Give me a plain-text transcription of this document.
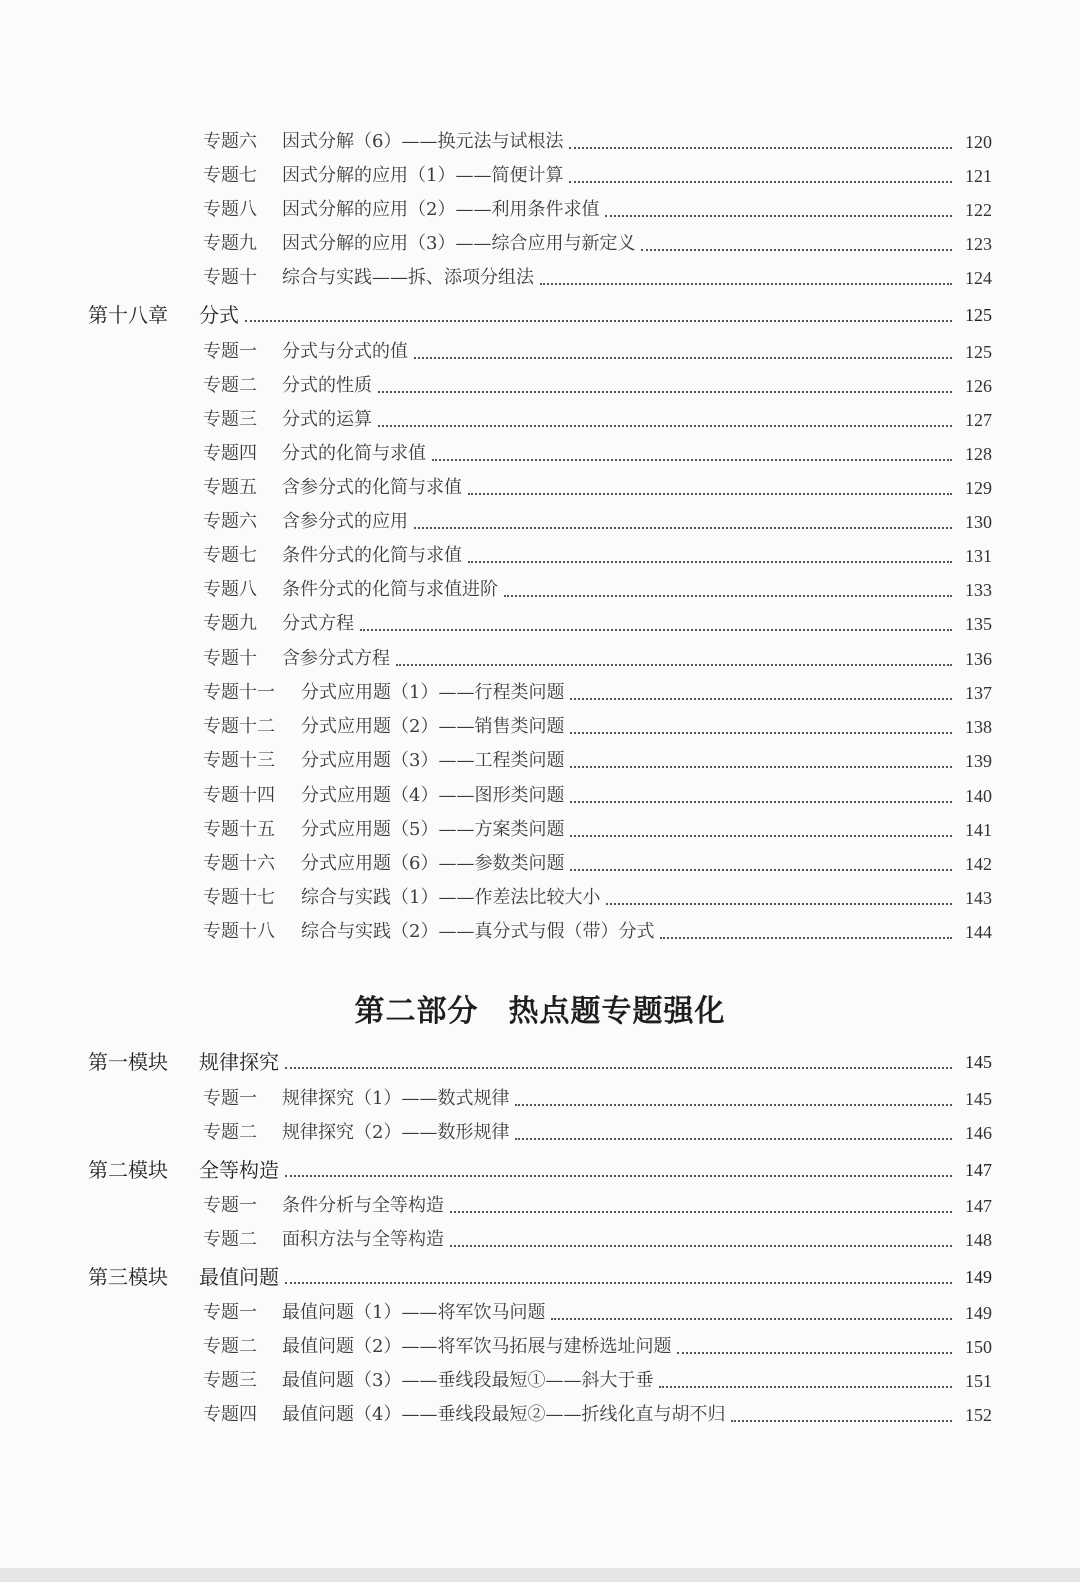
专题六 因式分解（6）——换元法与试根法	120
专题七 因式分解的应用（1）——简便计算	121
专题八 因式分解的应用（2）——利用条件求值	122
专题九 因式分解的应用（3）——综合应用与新定义	123
专题十 综合与实践——拆、添项分组法	124
第十八章 分式	125
专题一 分式与分式的值	125
专题二 分式的性质	126
专题三 分式的运算	127
专题四 分式的化简与求值	128
专题五 含参分式的化简与求值	129
专题六 含参分式的应用	130
专题七 条件分式的化简与求值	131
专题八 条件分式的化简与求值进阶	133
专题九 分式方程	135
专题十 含参分式方程	136
专题十一 分式应用题（1）——行程类问题	137
专题十二 分式应用题（2）——销售类问题	138
专题十三 分式应用题（3）——工程类问题	139
专题十四 分式应用题（4）——图形类问题	140
专题十五 分式应用题（5）——方案类问题	141
专题十六 分式应用题（6）——参数类问题	142
专题十七 综合与实践（1）——作差法比较大小	143
专题十八 综合与实践（2）——真分式与假（带）分式	144
第二部分 热点题专题强化
第一模块 规律探究	145
专题一 规律探究（1）——数式规律	145
专题二 规律探究（2）——数形规律	146
第二模块 全等构造	147
专题一 条件分析与全等构造	147
专题二 面积方法与全等构造	148
第三模块 最值问题	149
专题一 最值问题（1）——将军饮马问题	149
专题二 最值问题（2）——将军饮马拓展与建桥选址问题	150
专题三 最值问题（3）——垂线段最短①——斜大于垂	151
专题四 最值问题（4）——垂线段最短②——折线化直与胡不归	152
